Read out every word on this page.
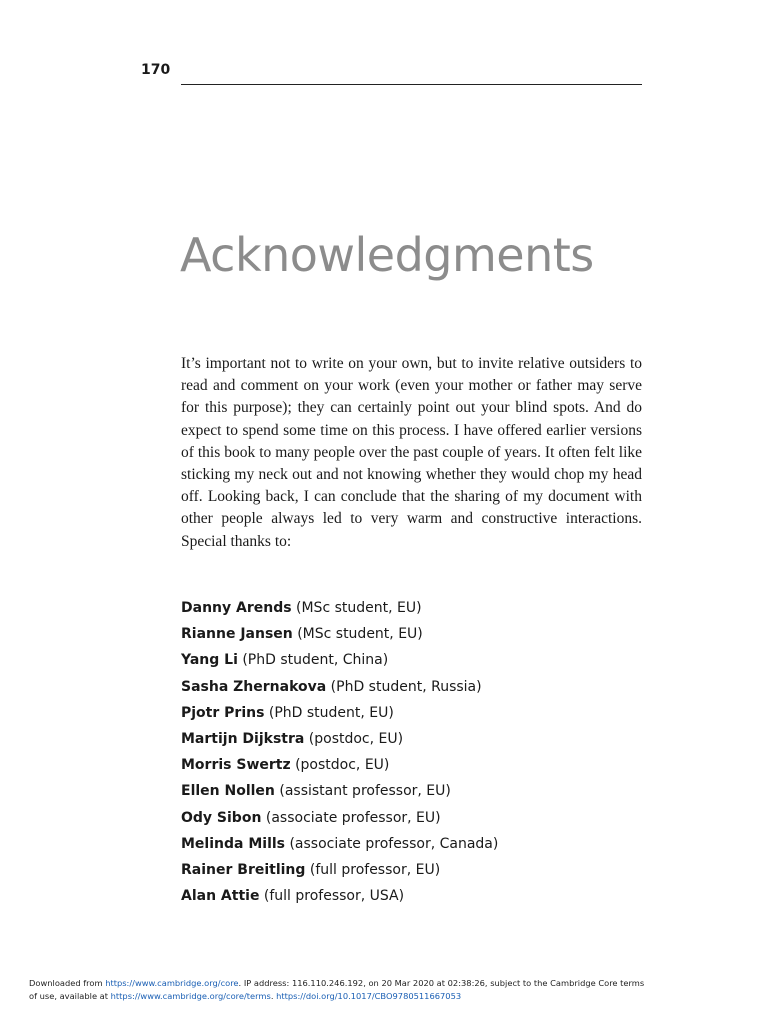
170
Acknowledgments

It’s important not to write on your own, but to invite relative outsiders to read and comment on your work (even your mother or father may serve for this purpose); they can certainly point out your blind spots. And do expect to spend some time on this process. I have offered earlier versions of this book to many people over the past couple of years. It often felt like sticking my neck out and not knowing whether they would chop my head off. Looking back, I can conclude that the sharing of my document with other people always led to very warm and constructive interactions. Special thanks to:

Danny Arends (MSc student, EU)
Rianne Jansen (MSc student, EU)
Yang Li (PhD student, China)
Sasha Zhernakova (PhD student, Russia)
Pjotr Prins (PhD student, EU)
Martijn Dijkstra (postdoc, EU)
Morris Swertz (postdoc, EU)
Ellen Nollen (assistant professor, EU)
Ody Sibon (associate professor, EU)
Melinda Mills (associate professor, Canada)
Rainer Breitling (full professor, EU)
Alan Attie (full professor, USA)
Downloaded from https://www.cambridge.org/core. IP address: 116.110.246.192, on 20 Mar 2020 at 02:38:26, subject to the Cambridge Core terms
of use, available at https://www.cambridge.org/core/terms. https://doi.org/10.1017/CBO9780511667053
